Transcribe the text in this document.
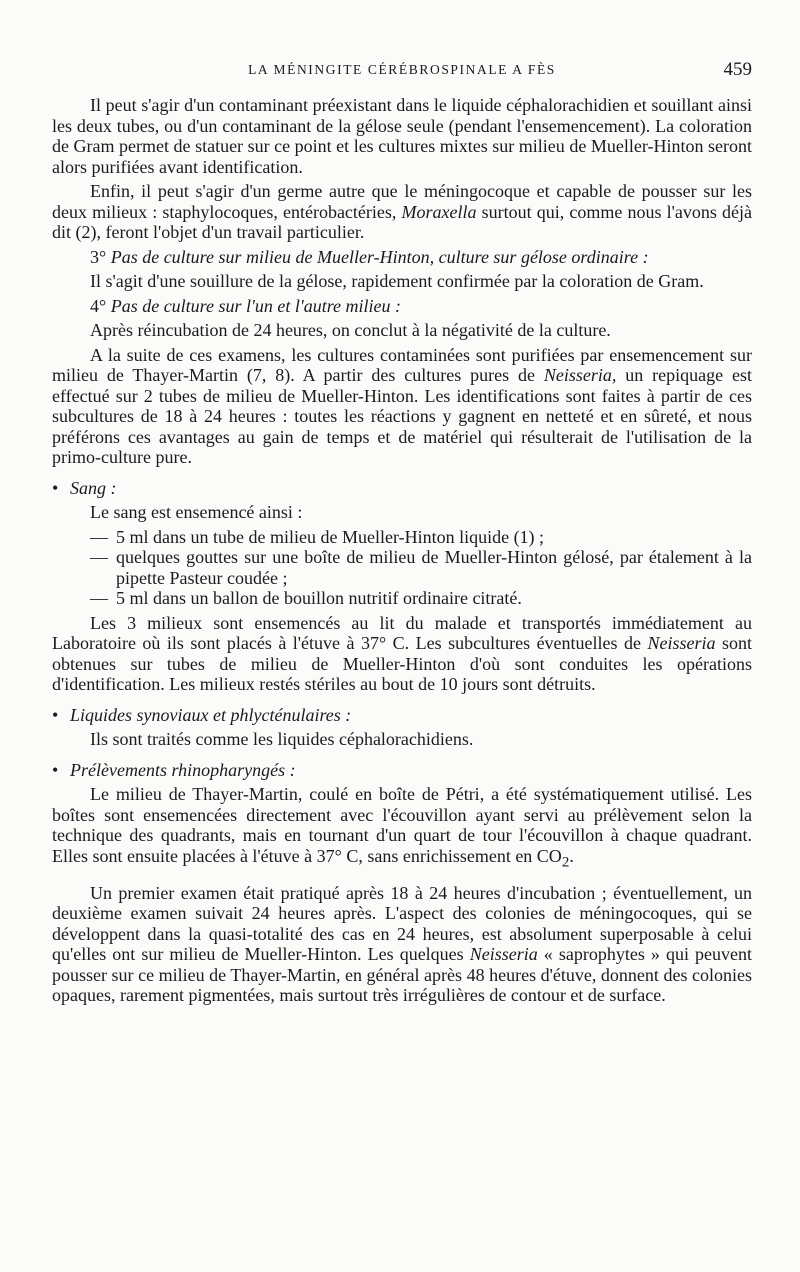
LA MÉNINGITE CÉRÉBROSPINALE A FÈS	459

Il peut s'agir d'un contaminant préexistant dans le liquide céphalorachidien et souillant ainsi les deux tubes, ou d'un contaminant de la gélose seule (pendant l'ensemencement). La coloration de Gram permet de statuer sur ce point et les cultures mixtes sur milieu de Mueller-Hinton seront alors purifiées avant identification.

Enfin, il peut s'agir d'un germe autre que le méningocoque et capable de pousser sur les deux milieux : staphylocoques, entérobactéries, Moraxella surtout qui, comme nous l'avons déjà dit (2), feront l'objet d'un travail particulier.

3° Pas de culture sur milieu de Mueller-Hinton, culture sur gélose ordinaire :

Il s'agit d'une souillure de la gélose, rapidement confirmée par la coloration de Gram.

4° Pas de culture sur l'un et l'autre milieu :

Après réincubation de 24 heures, on conclut à la négativité de la culture.

A la suite de ces examens, les cultures contaminées sont purifiées par ensemencement sur milieu de Thayer-Martin (7, 8). A partir des cultures pures de Neisseria, un repiquage est effectué sur 2 tubes de milieu de Mueller-Hinton. Les identifications sont faites à partir de ces subcultures de 18 à 24 heures : toutes les réactions y gagnent en netteté et en sûreté, et nous préférons ces avantages au gain de temps et de matériel qui résulterait de l'utilisation de la primo-culture pure.

• Sang :

Le sang est ensemencé ainsi :

— 5 ml dans un tube de milieu de Mueller-Hinton liquide (1) ;

— quelques gouttes sur une boîte de milieu de Mueller-Hinton gélosé, par étalement à la pipette Pasteur coudée ;

— 5 ml dans un ballon de bouillon nutritif ordinaire citraté.

Les 3 milieux sont ensemencés au lit du malade et transportés immédiatement au Laboratoire où ils sont placés à l'étuve à 37° C. Les subcultures éventuelles de Neisseria sont obtenues sur tubes de milieu de Mueller-Hinton d'où sont conduites les opérations d'identification. Les milieux restés stériles au bout de 10 jours sont détruits.

• Liquides synoviaux et phlycténulaires :

Ils sont traités comme les liquides céphalorachidiens.

• Prélèvements rhinopharyngés :

Le milieu de Thayer-Martin, coulé en boîte de Pétri, a été systématiquement utilisé. Les boîtes sont ensemencées directement avec l'écouvillon ayant servi au prélèvement selon la technique des quadrants, mais en tournant d'un quart de tour l'écouvillon à chaque quadrant. Elles sont ensuite placées à l'étuve à 37° C, sans enrichissement en $CO_2$.

Un premier examen était pratiqué après 18 à 24 heures d'incubation ; éventuellement, un deuxième examen suivait 24 heures après. L'aspect des colonies de méningocoques, qui se développent dans la quasi-totalité des cas en 24 heures, est absolument superposable à celui qu'elles ont sur milieu de Mueller-Hinton. Les quelques Neisseria « saprophytes » qui peuvent pousser sur ce milieu de Thayer-Martin, en général après 48 heures d'étuve, donnent des colonies opaques, rarement pigmentées, mais surtout très irrégulières de contour et de surface.
